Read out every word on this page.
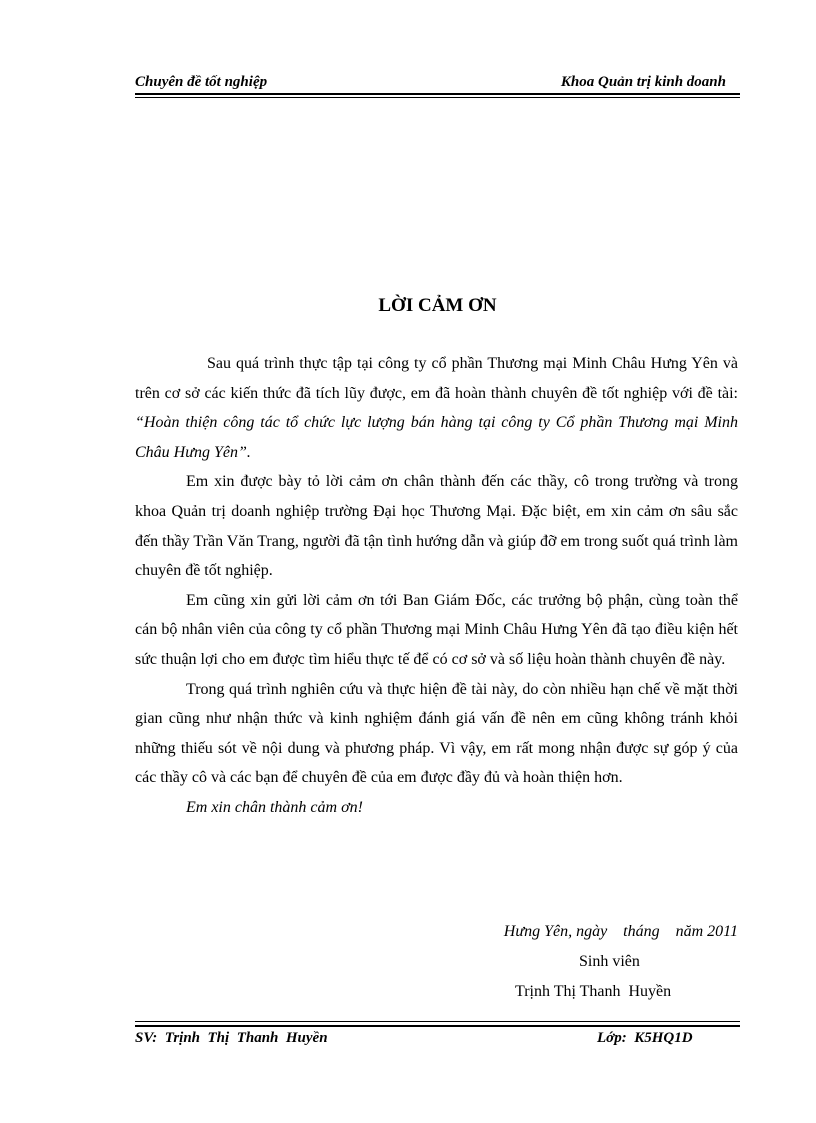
Chuyên đề tốt nghiệp	Khoa Quản trị kinh doanh
LỜI CẢM ƠN

Sau quá trình thực tập tại công ty cổ phần Thương mại Minh Châu Hưng Yên và trên cơ sở các kiến thức đã tích lũy được, em đã hoàn thành chuyên đề tốt nghiệp với đề tài: “Hoàn thiện công tác tổ chức lực lượng bán hàng tại công ty Cổ phần Thương mại Minh Châu Hưng Yên”.

Em xin được bày tỏ lời cảm ơn chân thành đến các thầy, cô trong trường và trong khoa Quản trị doanh nghiệp trường Đại học Thương Mại. Đặc biệt, em xin cảm ơn sâu sắc đến thầy Trần Văn Trang, người đã tận tình hướng dẫn và giúp đỡ em trong suốt quá trình làm chuyên đề tốt nghiệp.

Em cũng xin gửi lời cảm ơn tới Ban Giám Đốc, các trưởng bộ phận, cùng toàn thể cán bộ nhân viên của công ty cổ phần Thương mại Minh Châu Hưng Yên đã tạo điều kiện hết sức thuận lợi cho em được tìm hiểu thực tế để có cơ sở và số liệu hoàn thành chuyên đề này.

Trong quá trình nghiên cứu và thực hiện đề tài này, do còn nhiều hạn chế về mặt thời gian cũng như nhận thức và kinh nghiệm đánh giá vấn đề nên em cũng không tránh khỏi những thiếu sót về nội dung và phương pháp. Vì vậy, em rất mong nhận được sự góp ý của các thầy cô và các bạn để chuyên đề của em được đầy đủ và hoàn thiện hơn.

Em xin chân thành cảm ơn!

Hưng Yên, ngày    tháng    năm 2011
Sinh viên
Trịnh Thị Thanh  Huyền
SV:  Trịnh  Thị  Thanh  Huyền	Lớp:  K5HQ1D
